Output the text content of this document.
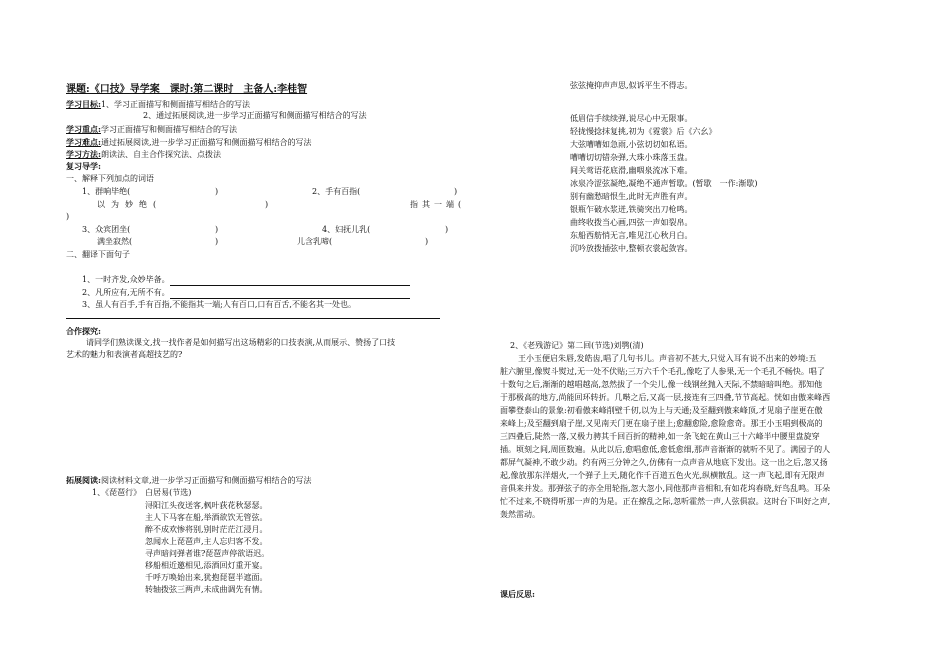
课题:《口技》导学案　课时:第二课时　主备人:李桂智
学习目标:1、学习正面描写和侧面描写相结合的写法
2、通过拓展阅读,进一步学习正面描写和侧面描写相结合的写法
学习重点:学习正面描写和侧面描写相结合的写法
学习难点:通过拓展阅读,进一步学习正面描写和侧面描写相结合的写法
学习方法:朗读法、自主合作探究法、点拨法
复习导学:
一、解释下列加点的词语
1、群响毕绝(	)	2、手有百指(	)
以为妙绝(	)	指其一端(
)
3、众宾团坐(	)	4、妇抚儿乳(	)
满坐寂然(	)	儿含乳啼(	)
二、翻译下面句子
1、一时齐发,众妙毕备。
2、凡所应有,无所不有。
3、虽人有百手,手有百指,不能指其一端;人有百口,口有百舌,不能名其一处也。
合作探究:
请同学们熟读课文,找一找作者是如何描写出这场精彩的口技表演,从而展示、赞扬了口技
艺术的魅力和表演者高超技艺的?
拓展阅读:阅读材料文章,进一步学习正面描写和侧面描写相结合的写法
1、《琵琶行》　白居易(节选)
浔阳江头夜送客,枫叶荻花秋瑟瑟。
主人下马客在船,举酒欲饮无管弦。
醉不成欢惨将别,别时茫茫江浸月。
忽闻水上琵琶声,主人忘归客不发。
寻声暗问弹者谁?琵琶声停欲语迟。
移船相近邀相见,添酒回灯重开宴。
千呼万唤始出来,犹抱琵琶半遮面。
转轴拨弦三两声,未成曲调先有情。
弦弦掩抑声声思,似诉平生不得志。
低眉信手续续弹,说尽心中无限事。
轻拢慢捻抹复挑,初为《霓裳》后《六幺》
大弦嘈嘈如急雨,小弦切切如私语。
嘈嘈切切错杂弹,大珠小珠落玉盘。
间关莺语花底滑,幽咽泉流冰下难。
冰泉冷涩弦凝绝,凝绝不通声暂歇。(暂歇　一作:渐歇)
别有幽愁暗恨生,此时无声胜有声。
银瓶乍破水浆迸,铁骑突出刀枪鸣。
曲终收拨当心画,四弦一声如裂帛。
东船西舫悄无言,唯见江心秋月白。
沉吟放拨插弦中,整顿衣裳起敛容。
2、《老残游记》第二回(节选)刘鹗(清)
王小玉便启朱唇,发皓齿,唱了几句书儿。声音初不甚大,只觉入耳有说不出来的妙境:五
脏六腑里,像熨斗熨过,无一处不伏贴;三万六千个毛孔,像吃了人参果,无一个毛孔不畅快。唱了
十数句之后,渐渐的越唱越高,忽然拔了一个尖儿,像一线钢丝抛入天际,不禁暗暗叫绝。那知他
于那极高的地方,尚能回环转折。几啭之后,又高一层,接连有三四叠,节节高起。恍如由傲来峰西
面攀登泰山的景象:初看傲来峰削壁千仞,以为上与天通;及至翻到傲来峰顶,才见扇子崖更在傲
来峰上;及至翻到扇子崖,又见南天门更在扇子崖上;愈翻愈险,愈险愈奇。那王小玉唱到极高的
三四叠后,陡然一落,又极力骋其千回百折的精神,如一条飞蛇在黄山三十六峰半中腰里盘旋穿
插。顷刻之间,周匝数遍。从此以后,愈唱愈低,愈低愈细,那声音渐渐的就听不见了。满园子的人
都屏气凝神,不敢少动。约有两三分钟之久,仿佛有一点声音从地底下发出。这一出之后,忽又扬
起,像放那东洋烟火,一个弹子上天,随化作千百道五色火光,纵横散乱。这一声飞起,即有无限声
音俱来并发。那弹弦子的亦全用轮指,忽大忽小,同他那声音相和,有如花坞春晓,好鸟乱鸣。耳朵
忙不过来,不晓得听那一声的为是。正在撩乱之际,忽听霍然一声,人弦俱寂。这时台下叫好之声,
轰然雷动。
课后反思:
